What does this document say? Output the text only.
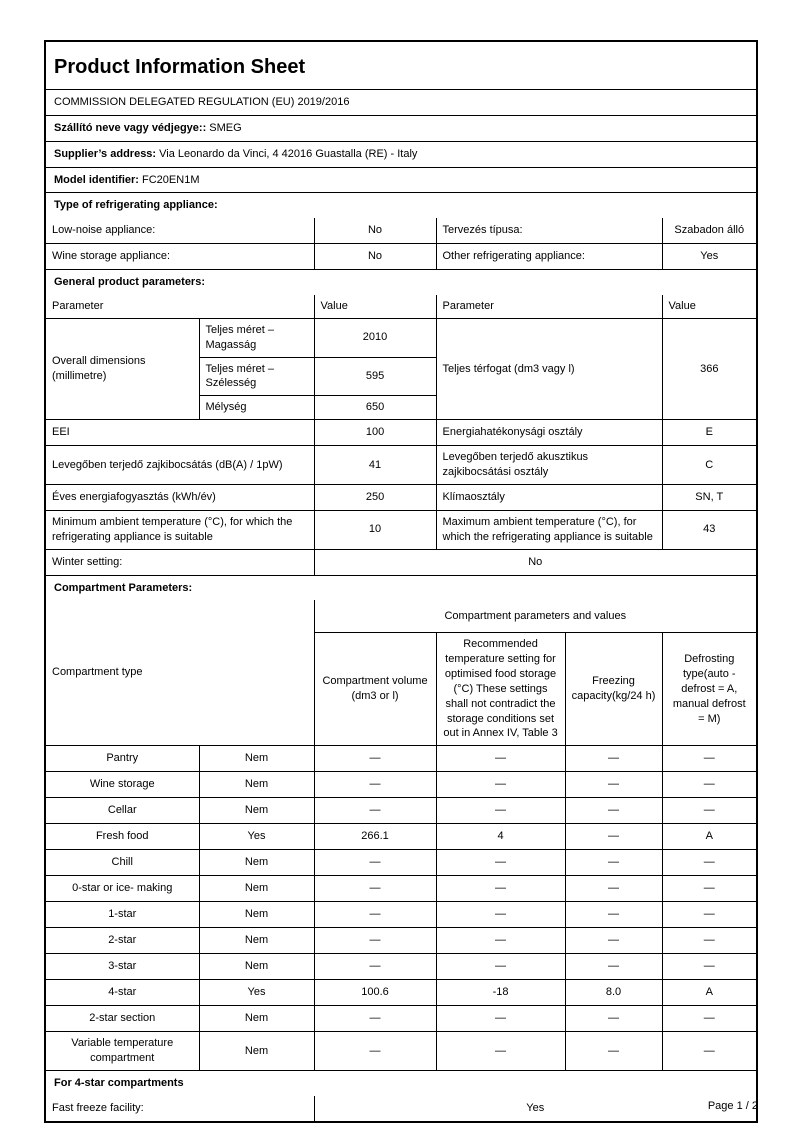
Product Information Sheet
COMMISSION DELEGATED REGULATION (EU) 2019/2016
Szállító neve vagy védjegye:: SMEG
Supplier’s address: Via Leonardo da Vinci, 4 42016 Guastalla (RE) - Italy
Model identifier: FC20EN1M
Type of refrigerating appliance:
Low-noise appliance:	No	Tervezés típusa:	Szabadon álló
Wine storage appliance:	No	Other refrigerating appliance:	Yes
General product parameters:
Parameter		Value	Parameter	Value
Overall dimensions (millimetre)	Teljes méret – Magasság	2010	Teljes térfogat (dm3 vagy l)	366
	Teljes méret – Szélesség	595		
	Mélység	650		
EEI		100	Energiahatékonysági osztály	E
Levegőben terjedő zajkibocsátás (dB(A) / 1pW)		41	Levegőben terjedő akusztikus zajkibocsátási osztály	C
Éves energiafogyasztás (kWh/év)		250	Klímaosztály	SN, T
Minimum ambient temperature (°C), for which the refrigerating appliance is suitable		10	Maximum ambient temperature (°C), for which the refrigerating appliance is suitable	43
Winter setting:		No		
Compartment Parameters:
Compartment type		Compartment parameters and values			
		Compartment volume (dm3 or l)	Recommended temperature setting for optimised food storage (°C) These settings shall not contradict the storage conditions set out in Annex IV, Table 3	Freezing capacity(kg/24 h)	Defrosting type(auto - defrost = A, manual defrost = M)
Pantry	Nem	—	—	—	—
Wine storage	Nem	—	—	—	—
Cellar	Nem	—	—	—	—
Fresh food	Yes	266.1	4	—	A
Chill	Nem	—	—	—	—
0-star or ice- making	Nem	—	—	—	—
1-star	Nem	—	—	—	—
2-star	Nem	—	—	—	—
3-star	Nem	—	—	—	—
4-star	Yes	100.6	-18	8.0	A
2-star section	Nem	—	—	—	—
Variable temperature compartment	Nem	—	—	—	—
For 4-star compartments
Fast freeze facility:	Yes	Page 1 / 2
